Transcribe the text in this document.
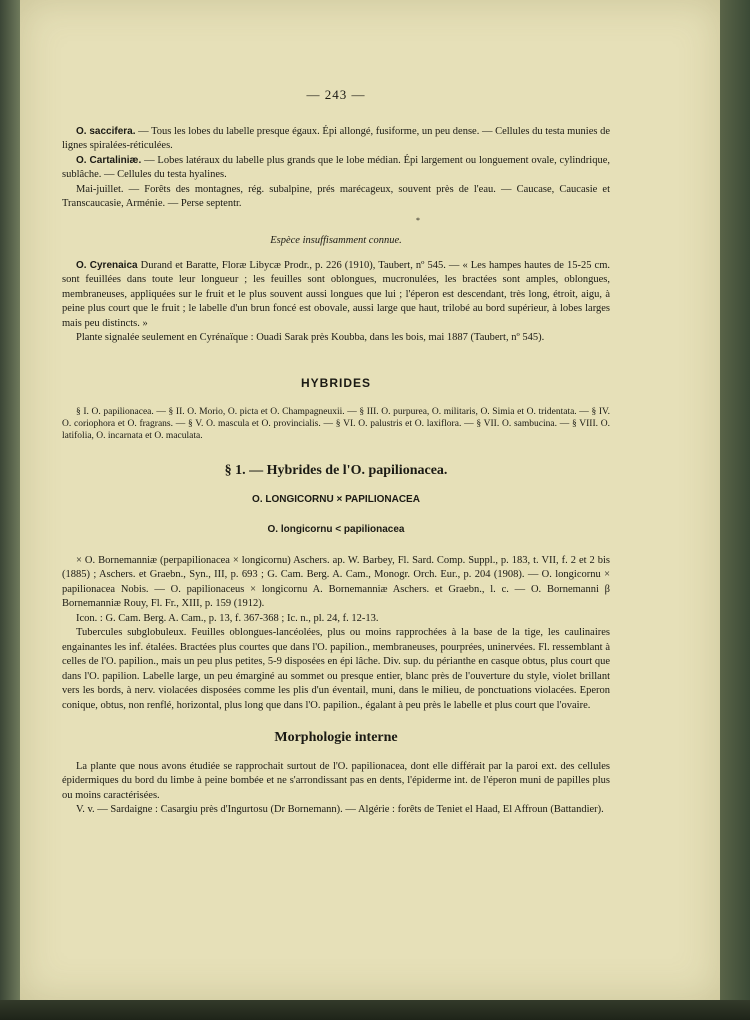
— 243 —

O. saccifera. — Tous les lobes du labelle presque égaux. Épi allongé, fusiforme, un peu dense. — Cellules du testa munies de lignes spiralées-réticulées.

O. Cartaliniæ. — Lobes latéraux du labelle plus grands que le lobe médian. Épi largement ou longuement ovale, cylindrique, sublâche. — Cellules du testa hyalines.

Mai-juillet. — Forêts des montagnes, rég. subalpine, prés marécageux, souvent près de l'eau. — Caucase, Caucasie et Transcaucasie, Arménie. — Perse septentr.

*
Espèce insuffisamment connue.

O. Cyrenaica Durand et Baratte, Floræ Libycæ Prodr., p. 226 (1910), Taubert, nº 545. — « Les hampes hautes de 15-25 cm. sont feuillées dans toute leur longueur ; les feuilles sont oblongues, mucronulées, les bractées sont amples, oblongues, membraneuses, appliquées sur le fruit et le plus souvent aussi longues que lui ; l'éperon est descendant, très long, étroit, aigu, à peine plus court que le fruit ; le labelle d'un brun foncé est obovale, aussi large que haut, trilobé au bord supérieur, à lobes larges mais peu distincts. »

Plante signalée seulement en Cyrénaïque : Ouadi Sarak près Koubba, dans les bois, mai 1887 (Taubert, nº 545).

HYBRIDES

§ I. O. papilionacea. — § II. O. Morio, O. picta et O. Champagneuxii. — § III. O. purpurea, O. militaris, O. Simia et O. tridentata. — § IV. O. coriophora et O. fragrans. — § V. O. mascula et O. provincialis. — § VI. O. palustris et O. laxiflora. — § VII. O. sambucina. — § VIII. O. latifolia, O. incarnata et O. maculata.

§ 1. — Hybrides de l'O. papilionacea.
O. LONGICORNU × PAPILIONACEA
O. longicornu < papilionacea

× O. Bornemanniæ (perpapilionacea × longicornu) Aschers. ap. W. Barbey, Fl. Sard. Comp. Suppl., p. 183, t. VII, f. 2 et 2 bis (1885) ; Aschers. et Graebn., Syn., III, p. 693 ; G. Cam. Berg. A. Cam., Monogr. Orch. Eur., p. 204 (1908). — O. longicornu × papilionacea Nobis. — O. papilionaceus × longicornu A. Bornemanniæ Aschers. et Graebn., l. c. — O. Bornemanni β Bornemanniæ Rouy, Fl. Fr., XIII, p. 159 (1912).

Icon. : G. Cam. Berg. A. Cam., p. 13, f. 367-368 ; Ic. n., pl. 24, f. 12-13.

Tubercules subglobuleux. Feuilles oblongues-lancéolées, plus ou moins rapprochées à la base de la tige, les caulinaires engainantes les inf. étalées. Bractées plus courtes que dans l'O. papilion., membraneuses, pourprées, uninervées. Fl. ressemblant à celles de l'O. papilion., mais un peu plus petites, 5-9 disposées en épi lâche. Div. sup. du périanthe en casque obtus, plus court que dans l'O. papilion. Labelle large, un peu émarginé au sommet ou presque entier, blanc près de l'ouverture du style, violet brillant vers les bords, à nerv. violacées disposées comme les plis d'un éventail, muni, dans le milieu, de ponctuations violacées. Eperon conique, obtus, non renflé, horizontal, plus long que dans l'O. papilion., égalant à peu près le labelle et plus court que l'ovaire.

Morphologie interne

La plante que nous avons étudiée se rapprochait surtout de l'O. papilionacea, dont elle différait par la paroi ext. des cellules épidermiques du bord du limbe à peine bombée et ne s'arrondissant pas en dents, l'épiderme int. de l'éperon muni de papilles plus ou moins caractérisées.

V. v. — Sardaigne : Casargiu près d'Ingurtosu (Dr Bornemann). — Algérie : forêts de Teniet el Haad, El Affroun (Battandier).
